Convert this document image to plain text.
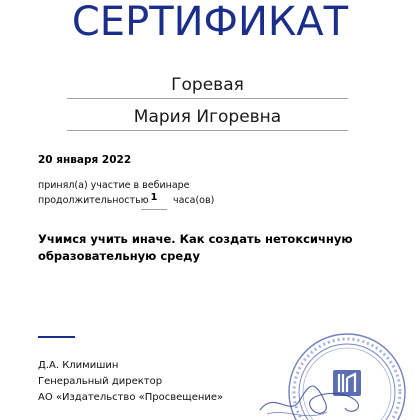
СЕРТИФИКАТ
Горевая
Мария Игоревна
20 января 2022
принял(а) участие в вебинаре
продолжительностью 1	часа(ов)
Учимся учить иначе. Как создать нетоксичную образовательную среду
Д.А. Климишин
Генеральный директор
АО «Издательство «Просвещение»
